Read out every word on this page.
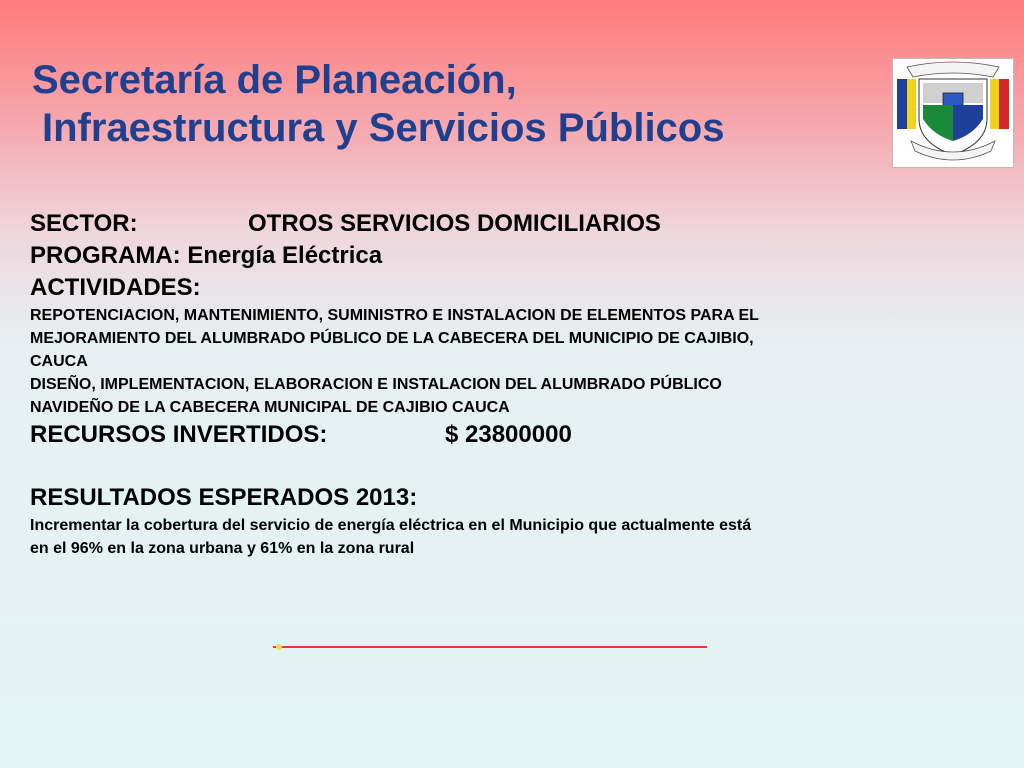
Secretaría de Planeación,
Infraestructura y Servicios Públicos
SECTOR:	OTROS SERVICIOS DOMICILIARIOS
PROGRAMA: Energía Eléctrica
ACTIVIDADES:
REPOTENCIACION, MANTENIMIENTO, SUMINISTRO E INSTALACION DE ELEMENTOS PARA EL
MEJORAMIENTO DEL ALUMBRADO PÚBLICO DE LA CABECERA DEL MUNICIPIO DE CAJIBIO,
CAUCA
DISEÑO, IMPLEMENTACION, ELABORACION E INSTALACION DEL ALUMBRADO PÚBLICO
NAVIDEÑO DE LA CABECERA MUNICIPAL DE CAJIBIO CAUCA
RECURSOS INVERTIDOS:	$ 23800000
RESULTADOS ESPERADOS 2013:
Incrementar la cobertura del servicio de energía eléctrica en el Municipio que actualmente está
en el 96% en la zona urbana y 61% en la zona rural
